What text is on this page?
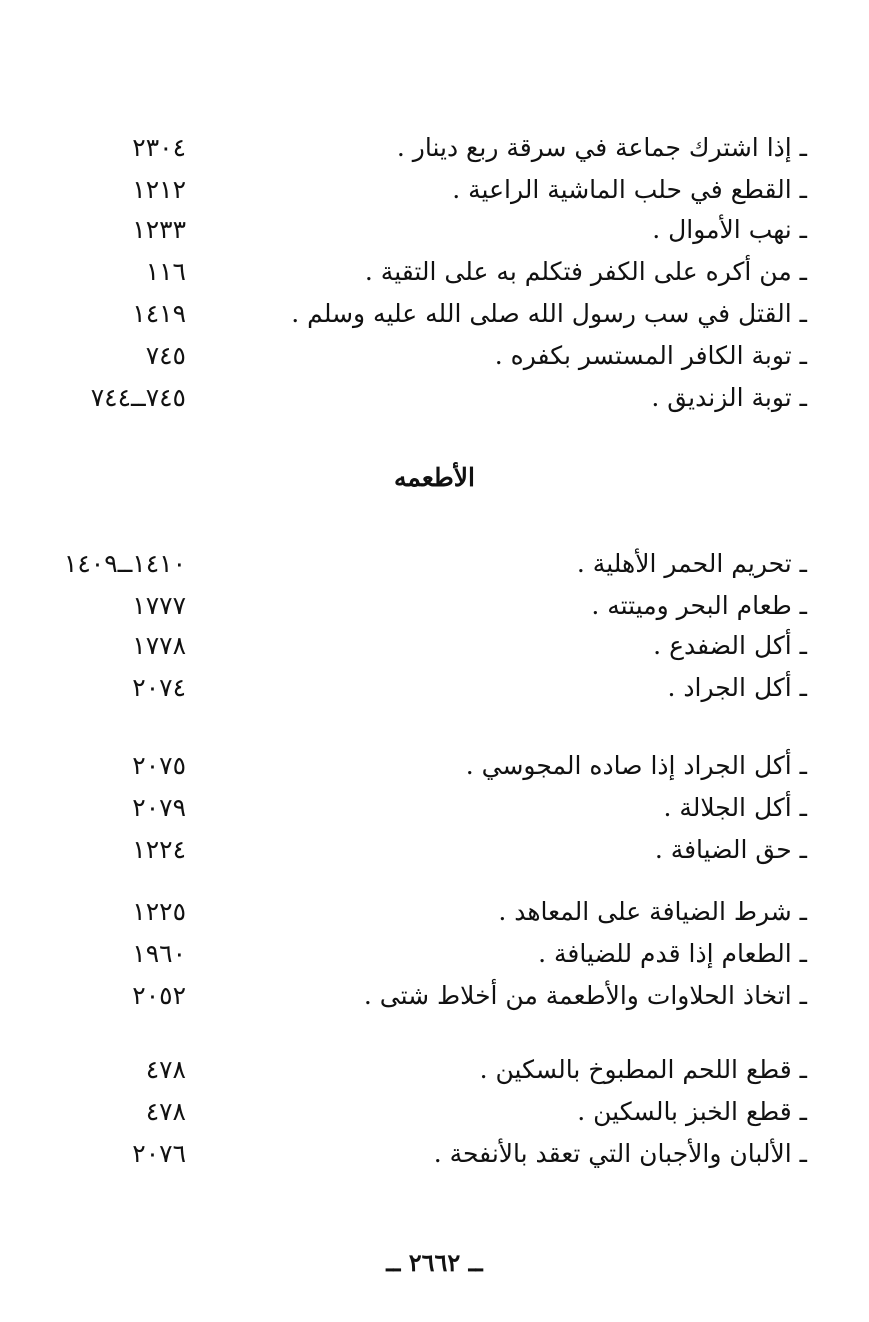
ـ إذا اشترك جماعة في سرقة ربع دينار .
٢٣٠٤
ـ القطع في حلب الماشية الراعية .
١٢١٢
ـ نهب الأموال .
١٢٣٣
ـ من أكره على الكفر فتكلم به على التقية .
١١٦
ـ القتل في سب رسول الله صلى الله عليه وسلم .
١٤١٩
ـ توبة الكافر المستسر بكفره .
٧٤٥
ـ توبة الزنديق .
٧٤٥ــ٧٤٤
الأطعمه
ـ تحريم الحمر الأهلية .
١٤١٠ــ١٤٠٩
ـ طعام البحر وميتته .
١٧٧٧
ـ أكل الضفدع .
١٧٧٨
ـ أكل الجراد .
٢٠٧٤
ـ أكل الجراد إذا صاده المجوسي .
٢٠٧٥
ـ أكل الجلالة .
٢٠٧٩
ـ حق الضيافة .
١٢٢٤
ـ شرط الضيافة على المعاهد .
١٢٢٥
ـ الطعام إذا قدم للضيافة .
١٩٦٠
ـ اتخاذ الحلاوات والأطعمة من أخلاط شتى .
٢٠٥٢
ـ قطع اللحم المطبوخ بالسكين .
٤٧٨
ـ قطع الخبز بالسكين .
٤٧٨
ـ الألبان والأجبان التي تعقد بالأنفحة .
٢٠٧٦
ــ ٢٦٦٢ ــ
